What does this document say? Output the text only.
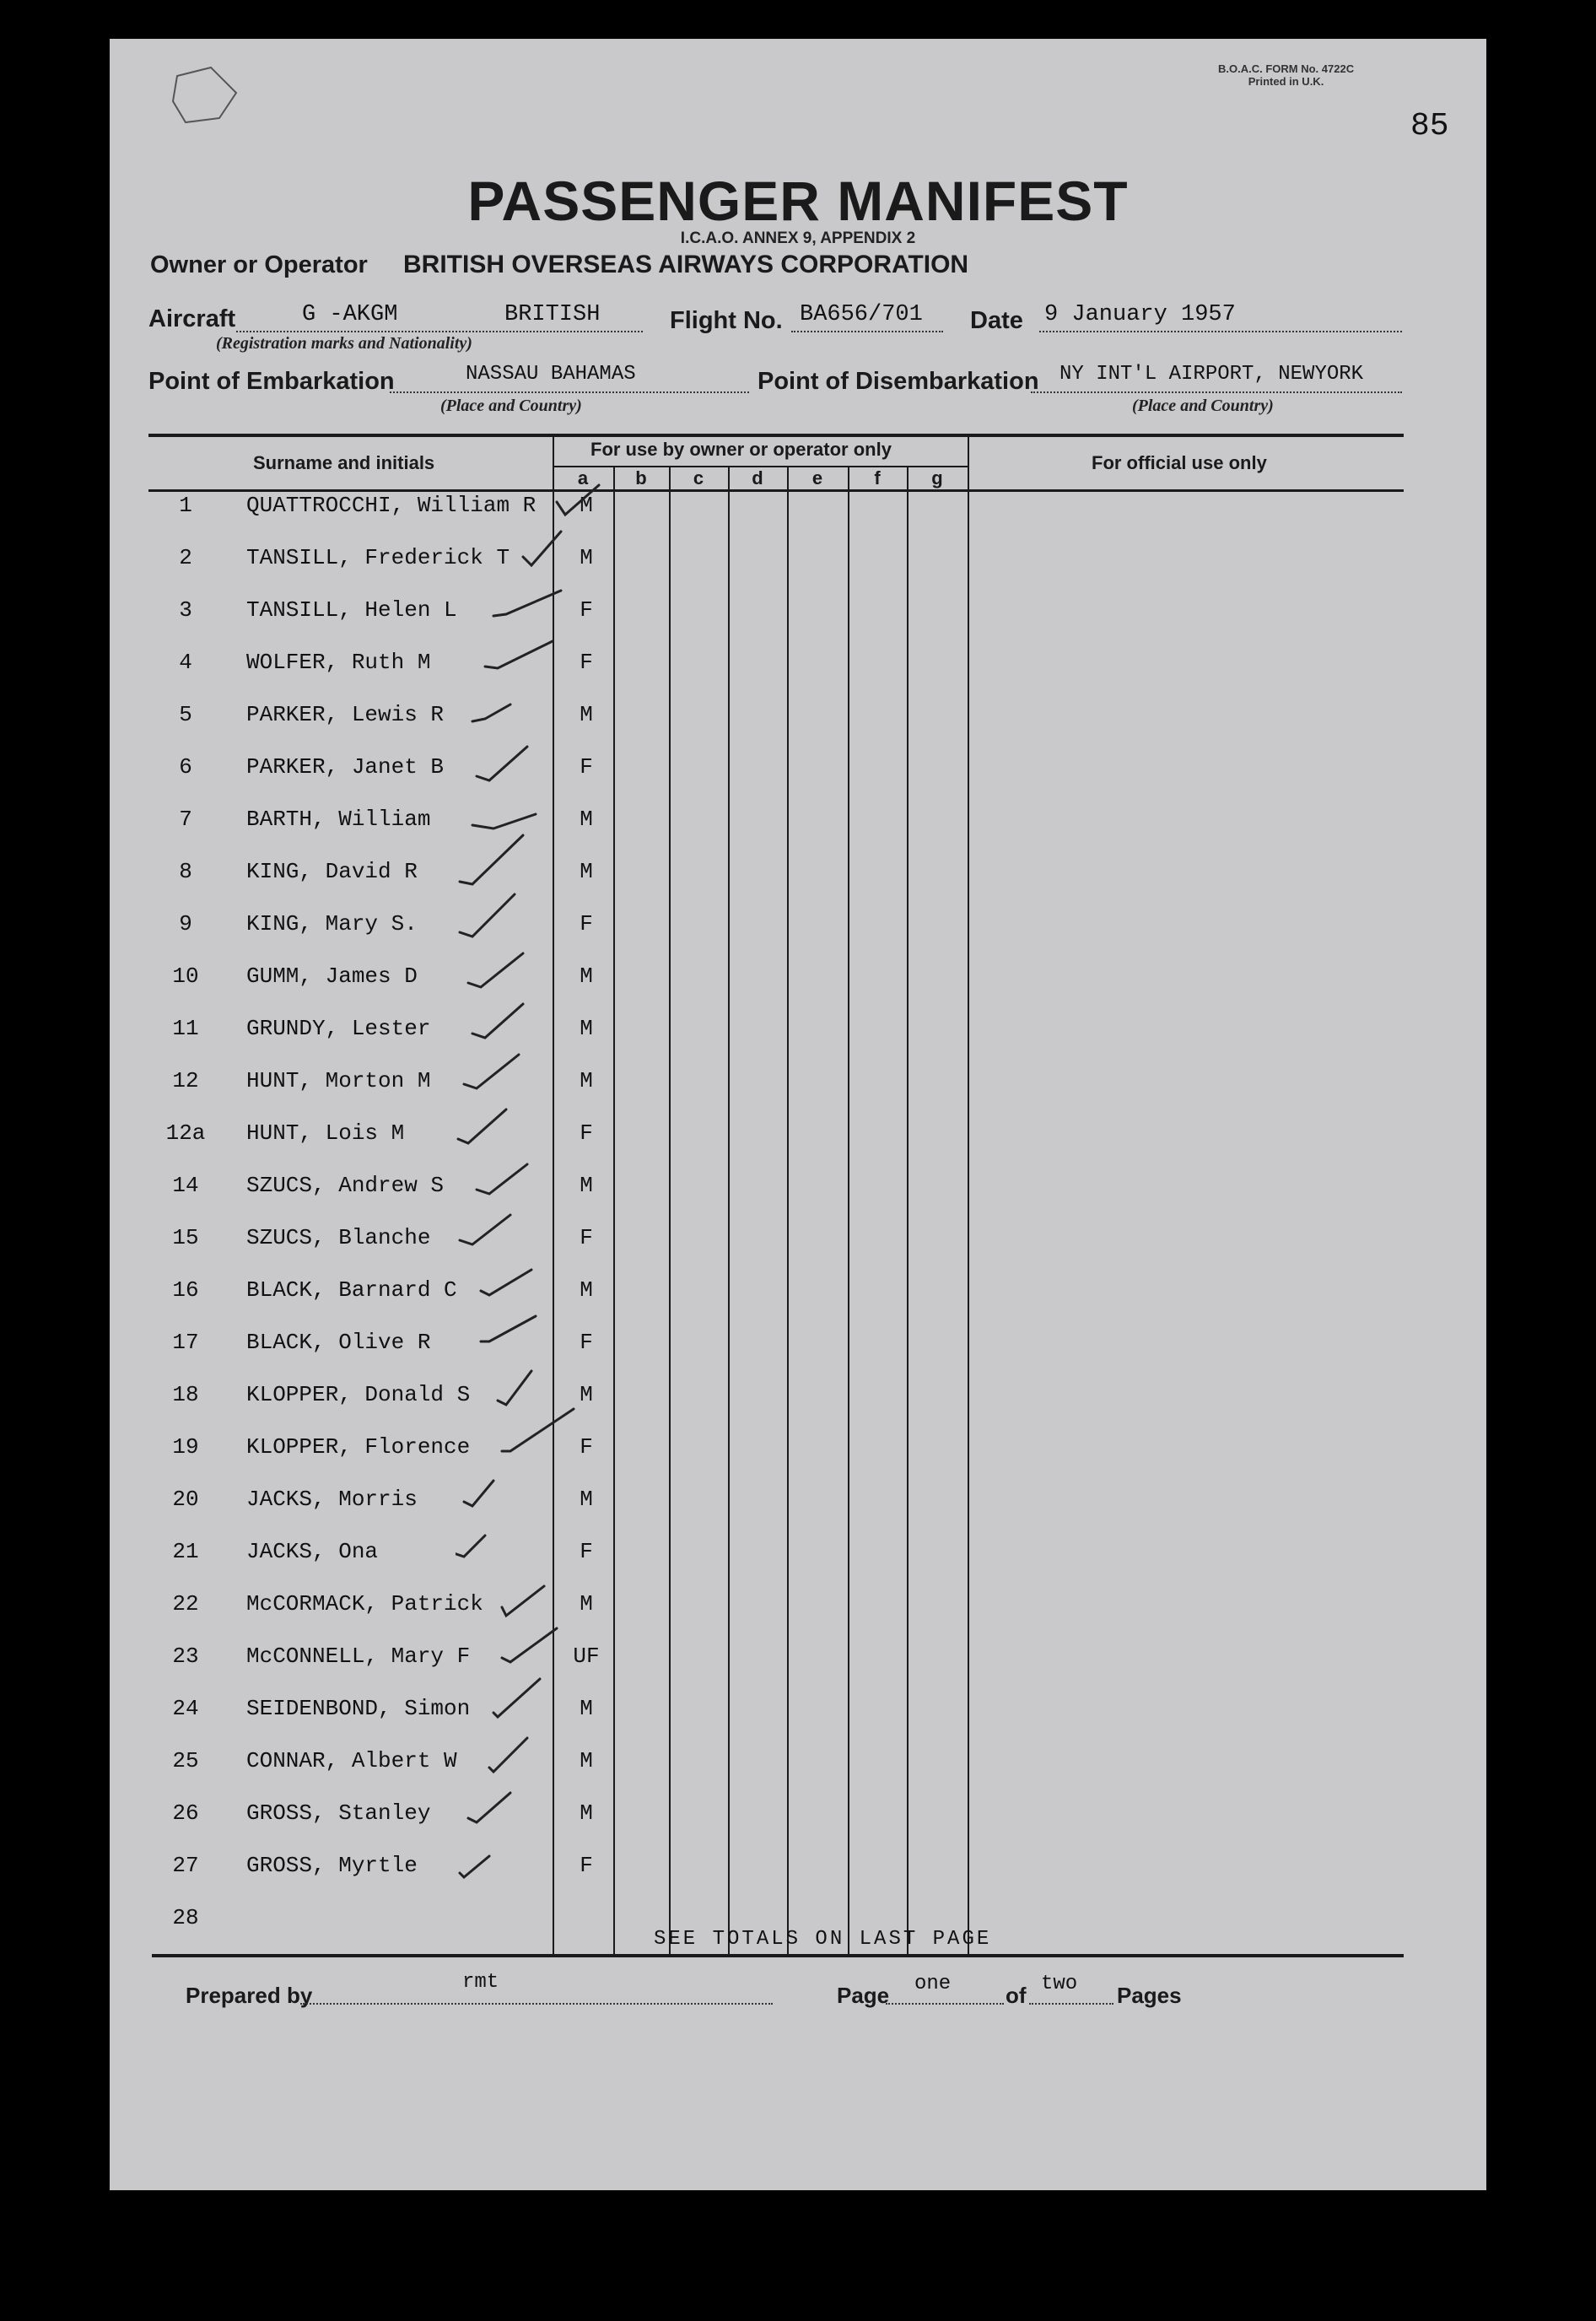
B.O.A.C. FORM No. 4722C
Printed in U.K.
85
PASSENGER MANIFEST
I.C.A.O. ANNEX 9, APPENDIX 2
Owner or Operator BRITISH OVERSEAS AIRWAYS CORPORATION
Aircraft	G -AKGM	BRITISH
(Registration marks and Nationality)
Flight No. BA656/701 Date 9 January 1957
Point of Embarkation	NASSAU BAHAMAS
(Place and Country)
Point of Disembarkation NY INT'L AIRPORT, NEWYORK
(Place and Country)
Surname and initials
For use by owner or operator only
For official use only
a	b	c	d	e	f	g
1	QUATTROCCHI, William R	M
2	TANSILL, Frederick T	M
3	TANSILL, Helen L	F
4	WOLFER, Ruth M	F
5	PARKER, Lewis R	M
6	PARKER, Janet B	F
7	BARTH, William	M
8	KING, David R	M
9	KING, Mary S.	F
10	GUMM, James D	M
11	GRUNDY, Lester	M
12	HUNT, Morton M	M
12a	HUNT, Lois M	F
14	SZUCS, Andrew S	M
15	SZUCS, Blanche	F
16	BLACK, Barnard C	M
17	BLACK, Olive R	F
18	KLOPPER, Donald S	M
19	KLOPPER, Florence	F
20	JACKS, Morris	M
21	JACKS, Ona	F
22	McCORMACK, Patrick	M
23	McCONNELL, Mary F	UF
24	SEIDENBOND, Simon	M
25	CONNAR, Albert W	M
26	GROSS, Stanley	M
27	GROSS, Myrtle	F
28
SEE TOTALS ON LAST PAGE
Prepared by
rmt
Page one of two Pages
